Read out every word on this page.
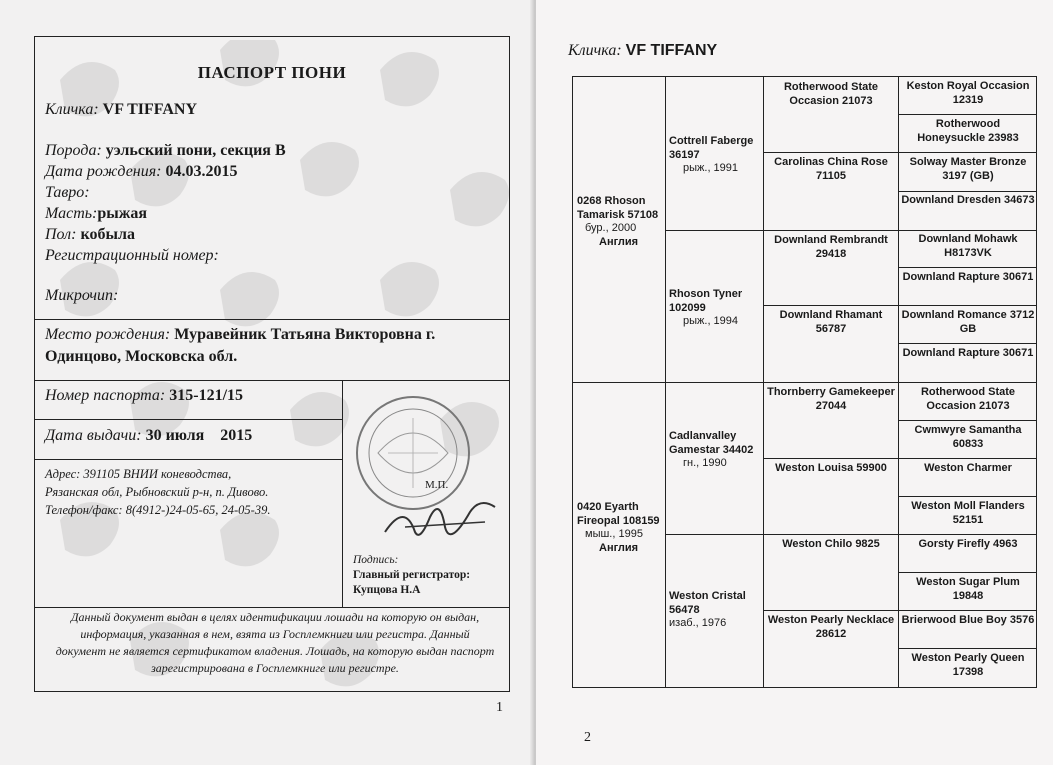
ПАСПОРТ ПОНИ
Кличка: VF TIFFANY
Порода: уэльский пони, секция В
Дата рождения: 04.03.2015
Тавро:
Масть:рыжая
Пол: кобыла
Регистрационный номер:
Микрочип:
Место рождения: Муравейник Татьяна Викторовна г. Одинцово, Московска обл.
Номер паспорта: 315-121/15
Дата выдачи: 30 июля 2015
Адрес: 391105 ВНИИ коневодства,
Рязанская обл, Рыбновский р-н, п. Дивово.
Телефон/факс: 8(4912-)24-05-65, 24-05-39.
М.П.
Подпись:
Главный регистратор:
Купцова Н.А
Данный документ выдан в целях идентификации лошади на которую он выдан, информация, указанная в нем, взята из Госплемкниги или регистра. Данный документ не является сертификатом владения. Лошадь, на которую выдан паспорт зарегистрирована в Госплемкниге или регистре.
1
Кличка: VF TIFFANY
0268 Rhoson Tamarisk 57108
бур., 2000
Англия
0420 Eyarth Fireopal 108159
мыш., 1995
Англия
Cottrell Faberge 36197
рыж., 1991
Rhoson Tyner 102099
рыж., 1994
Cadlanvalley Gamestar 34402
гн., 1990
Weston Cristal 56478
изаб., 1976
Rotherwood State Occasion 21073
Carolinas China Rose 71105
Downland Rembrandt 29418
Downland Rhamant 56787
Thornberry Gamekeeper 27044
Weston Louisa 59900
Weston Chilo 9825
Weston Pearly Necklace 28612
Keston Royal Occasion 12319
Rotherwood Honeysuckle 23983
Solway Master Bronze 3197 (GB)
Downland Dresden 34673
Downland Mohawk H8173VK
Downland Rapture 30671
Downland Romance 3712 GB
Downland Rapture 30671
Rotherwood State Occasion 21073
Cwmwyre Samantha 60833
Weston Charmer
Weston Moll Flanders 52151
Gorsty Firefly 4963
Weston Sugar Plum 19848
Brierwood Blue Boy 3576
Weston Pearly Queen 17398
2
